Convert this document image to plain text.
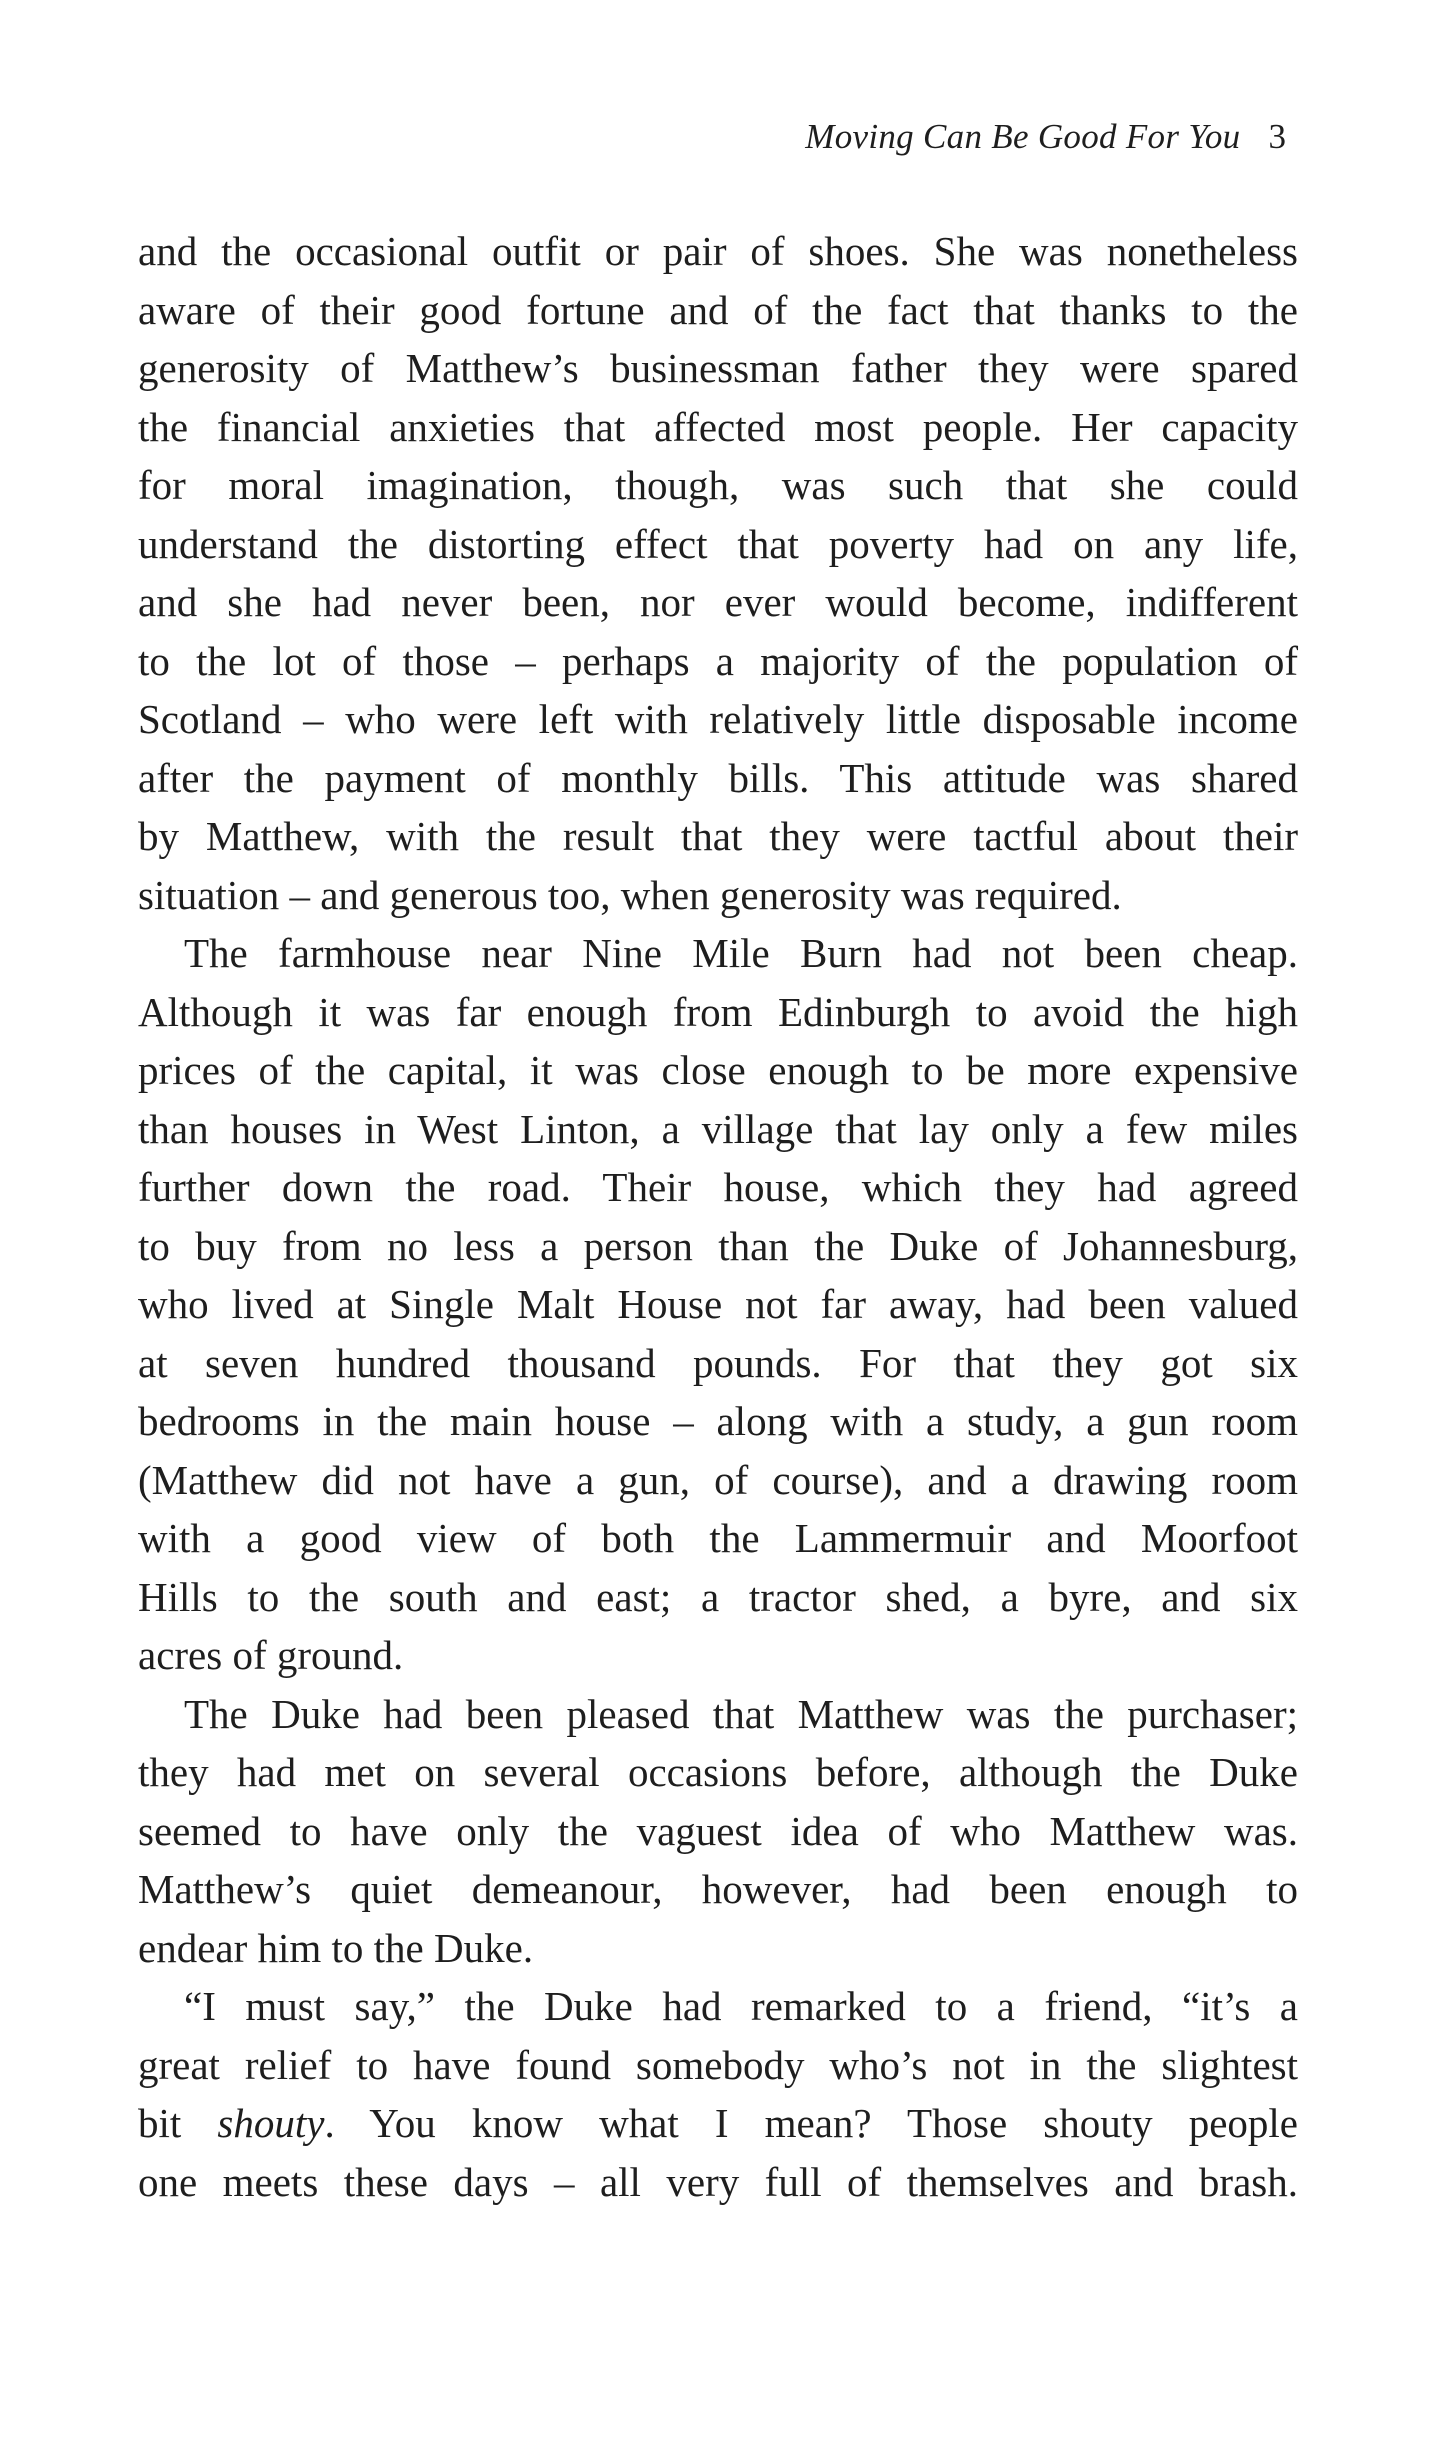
Moving Can Be Good For You 3
and the occasional outfit or pair of shoes. She was nonetheless
aware of their good fortune and of the fact that thanks to the
generosity of Matthew’s businessman father they were spared
the financial anxieties that affected most people. Her capacity
for moral imagination, though, was such that she could
understand the distorting effect that poverty had on any life,
and she had never been, nor ever would become, indifferent
to the lot of those – perhaps a majority of the population of
Scotland – who were left with relatively little disposable income
after the payment of monthly bills. This attitude was shared
by Matthew, with the result that they were tactful about their
situation – and generous too, when generosity was required.
The farmhouse near Nine Mile Burn had not been cheap.
Although it was far enough from Edinburgh to avoid the high
prices of the capital, it was close enough to be more expensive
than houses in West Linton, a village that lay only a few miles
further down the road. Their house, which they had agreed
to buy from no less a person than the Duke of Johannesburg,
who lived at Single Malt House not far away, had been valued
at seven hundred thousand pounds. For that they got six
bedrooms in the main house – along with a study, a gun room
(Matthew did not have a gun, of course), and a drawing room
with a good view of both the Lammermuir and Moorfoot
Hills to the south and east; a tractor shed, a byre, and six
acres of ground.
The Duke had been pleased that Matthew was the purchaser;
they had met on several occasions before, although the Duke
seemed to have only the vaguest idea of who Matthew was.
Matthew’s quiet demeanour, however, had been enough to
endear him to the Duke.
“I must say,” the Duke had remarked to a friend, “it’s a
great relief to have found somebody who’s not in the slightest
bit shouty. You know what I mean? Those shouty people
one meets these days – all very full of themselves and brash.
